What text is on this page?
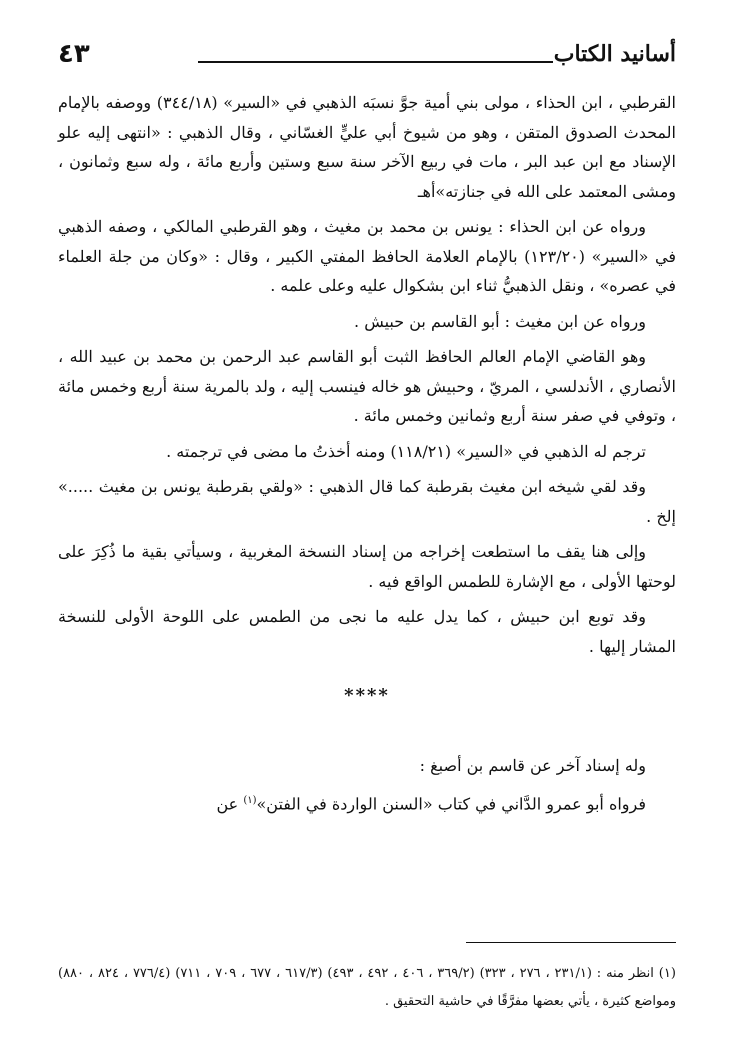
٤٣	أسانيد الكتاب

القرطبي ، ابن الحذاء ، مولى بني أمية جوَّ نسبَه الذهبي في «السير» (٣٤٤/١٨) ووصفه بالإمام المحدث الصدوق المتقن ، وهو من شيوخ أبي عليٍّ الغسّاني ، وقال الذهبي : «انتهى إليه علو الإسناد مع ابن عبد البر ، مات في ربيع الآخر سنة سبع وستين وأربع مائة ، وله سبع وثمانون ، ومشى المعتمد على الله في جنازته»أهـ

ورواه عن ابن الحذاء : يونس بن محمد بن مغيث ، وهو القرطبي المالكي ، وصفه الذهبي في «السير» (١٢٣/٢٠) بالإمام العلامة الحافظ المفتي الكبير ، وقال : «وكان من جلة العلماء في عصره» ، ونقل الذهبيُّ ثناء ابن بشكوال عليه وعلى علمه .

ورواه عن ابن مغيث : أبو القاسم بن حبيش .

وهو القاضي الإمام العالم الحافظ الثبت أبو القاسم عبد الرحمن بن محمد بن عبيد الله ، الأنصاري ، الأندلسي ، المريّ ، وحبيش هو خاله فينسب إليه ، ولد بالمرية سنة أربع وخمس مائة ، وتوفي في صفر سنة أربع وثمانين وخمس مائة .

ترجم له الذهبي في «السير» (١١٨/٢١) ومنه أخذتُ ما مضى في ترجمته .

وقد لقي شيخه ابن مغيث بقرطبة كما قال الذهبي : «ولقي بقرطبة يونس بن مغيث .....» إلخ .

وإلى هنا يقف ما استطعت إخراجه من إسناد النسخة المغربية ، وسيأتي بقية ما ذُكِرَ على لوحتها الأولى ، مع الإشارة للطمس الواقع فيه .

وقد توبع ابن حبيش ، كما يدل عليه ما نجى من الطمس على اللوحة الأولى للنسخة المشار إليها .

****

وله إسناد آخر عن قاسم بن أصبغ :

فرواه أبو عمرو الدَّاني في كتاب «السنن الواردة في الفتن»$^{(١)}$ عن

(١) انظر منه : (٢٣١/١ ، ٢٧٦ ، ٣٢٣) (٣٦٩/٢ ، ٤٠٦ ، ٤٩٢ ، ٤٩٣) (٦١٧/٣ ، ٦٧٧ ، ٧٠٩ ، ٧١١) (٧٧٦/٤ ، ٨٢٤ ، ٨٨٠) ومواضع كثيرة ، يأتي بعضها مفرَّقًا في حاشية التحقيق .
